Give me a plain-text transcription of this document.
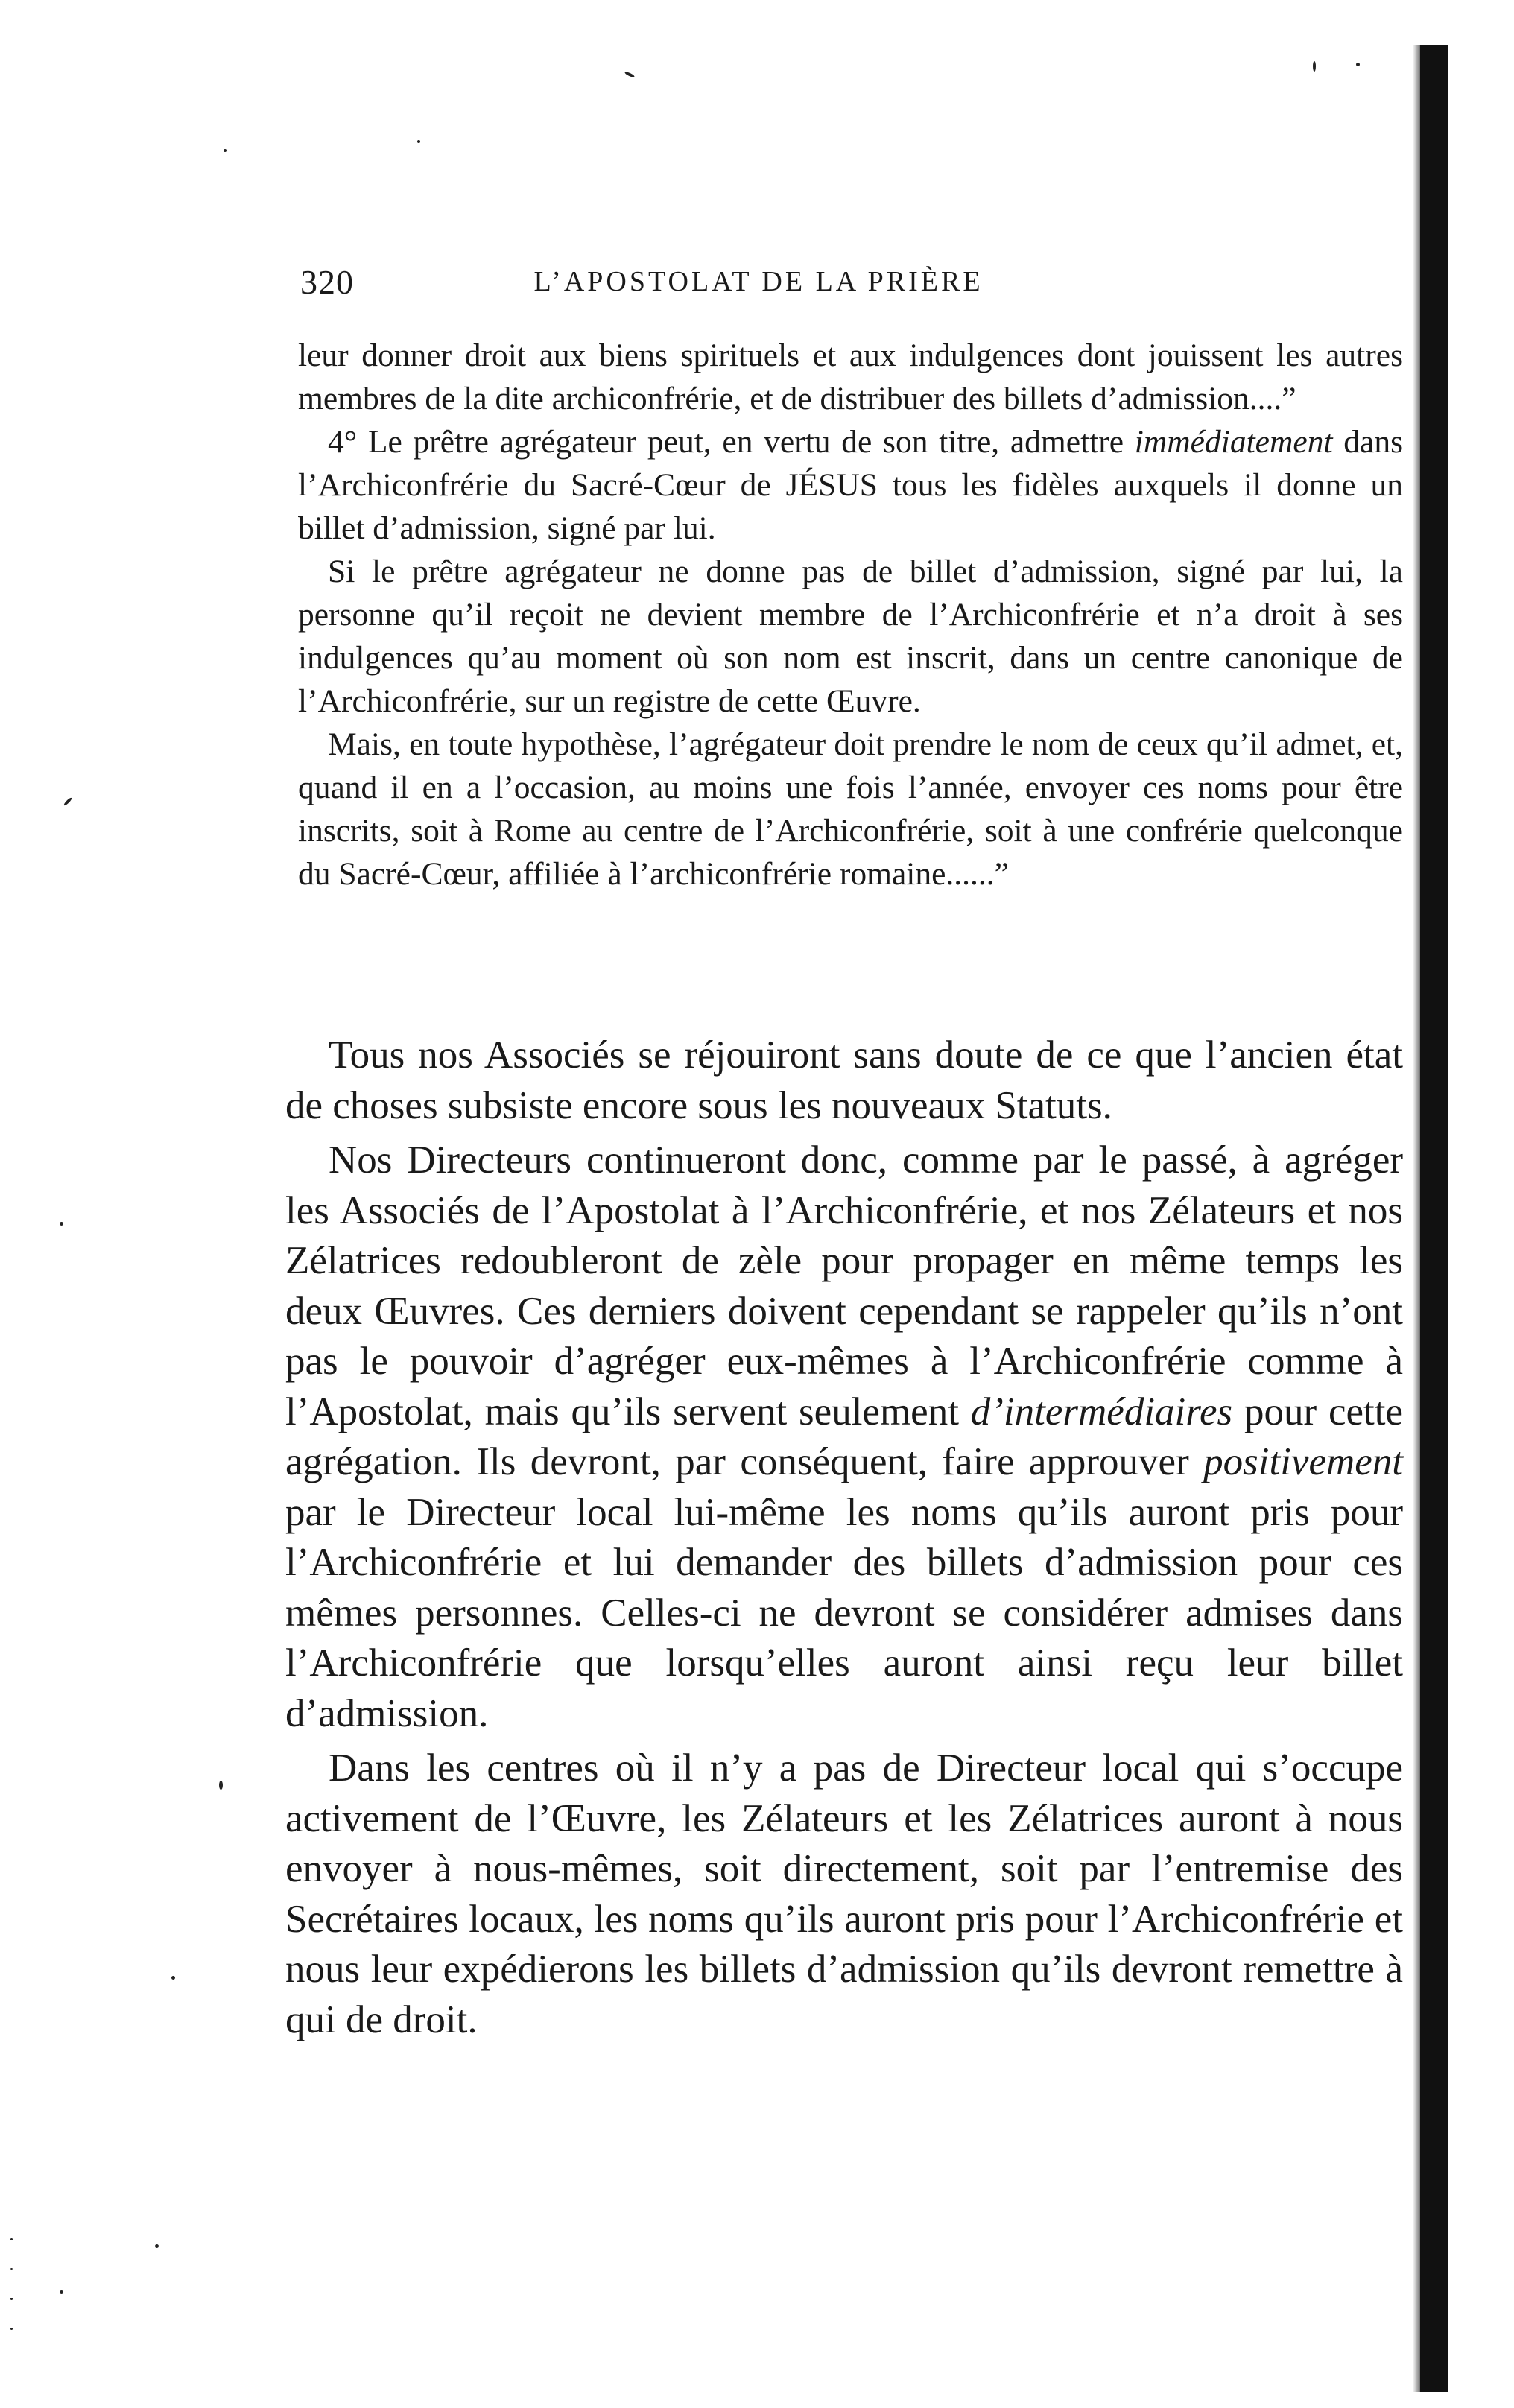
320	L’APOSTOLAT DE LA PRIÈRE

leur donner droit aux biens spirituels et aux indulgences dont jouissent les autres membres de la dite archiconfrérie, et de distribuer des billets d’admission....”

4° Le prêtre agrégateur peut, en vertu de son titre, admettre immédiatement dans l’Archiconfrérie du Sacré-Cœur de JÉSUS tous les fidèles auxquels il donne un billet d’admission, signé par lui.

Si le prêtre agrégateur ne donne pas de billet d’admission, signé par lui, la personne qu’il reçoit ne devient membre de l’Archiconfrérie et n’a droit à ses indulgences qu’au moment où son nom est inscrit, dans un centre canonique de l’Archiconfrérie, sur un registre de cette Œuvre.

Mais, en toute hypothèse, l’agrégateur doit prendre le nom de ceux qu’il admet, et, quand il en a l’occasion, au moins une fois l’année, envoyer ces noms pour être inscrits, soit à Rome au centre de l’Archiconfrérie, soit à une confrérie quelconque du Sacré-Cœur, affiliée à l’archiconfrérie romaine......”

Tous nos Associés se réjouiront sans doute de ce que l’ancien état de choses subsiste encore sous les nouveaux Statuts.

Nos Directeurs continueront donc, comme par le passé, à agréger les Associés de l’Apostolat à l’Archiconfrérie, et nos Zélateurs et nos Zélatrices redoubleront de zèle pour propager en même temps les deux Œuvres. Ces derniers doivent cependant se rappeler qu’ils n’ont pas le pouvoir d’agréger eux-mêmes à l’Archiconfrérie comme à l’Apostolat, mais qu’ils servent seulement d’intermédiaires pour cette agrégation. Ils devront, par conséquent, faire approuver positivement par le Directeur local lui-même les noms qu’ils auront pris pour l’Archiconfrérie et lui demander des billets d’admission pour ces mêmes personnes. Celles-ci ne devront se considérer admises dans l’Archiconfrérie que lorsqu’elles auront ainsi reçu leur billet d’admission.

Dans les centres où il n’y a pas de Directeur local qui s’occupe activement de l’Œuvre, les Zélateurs et les Zélatrices auront à nous envoyer à nous-mêmes, soit directement, soit par l’entremise des Secrétaires locaux, les noms qu’ils auront pris pour l’Archiconfrérie et nous leur expédierons les billets d’admission qu’ils devront remettre à qui de droit.
